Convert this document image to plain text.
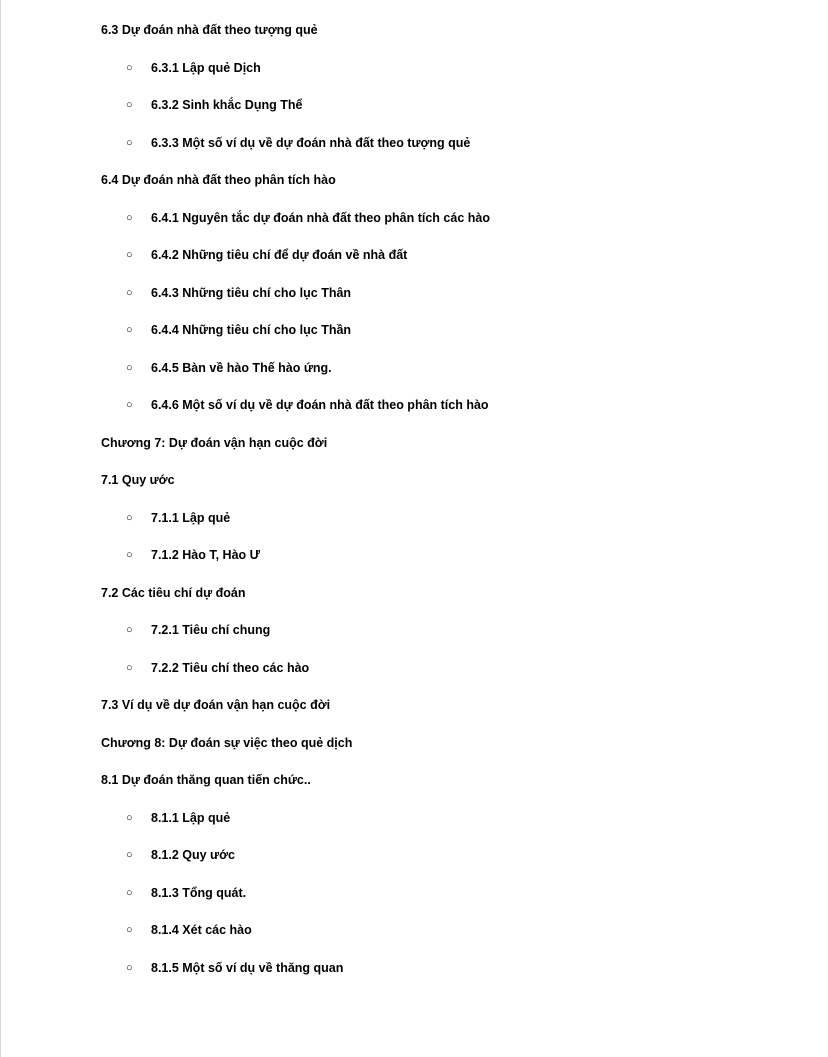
6.3 Dự đoán nhà đất theo tượng quẻ
○ 6.3.1 Lập quẻ Dịch
○ 6.3.2 Sinh khắc Dụng Thể
○ 6.3.3 Một số ví dụ về dự đoán nhà đất theo tượng quẻ
6.4 Dự đoán nhà đất theo phân tích hào
○ 6.4.1 Nguyên tắc dự đoán nhà đất theo phân tích các hào
○ 6.4.2 Những tiêu chí để dự đoán về nhà đất
○ 6.4.3 Những tiêu chí cho lục Thân
○ 6.4.4 Những tiêu chí cho lục Thần
○ 6.4.5 Bàn về hào Thế hào ứng.
○ 6.4.6 Một số ví dụ về dự đoán nhà đất theo phân tích hào
Chương 7: Dự đoán vận hạn cuộc đời
7.1 Quy ước
○ 7.1.1 Lập quẻ
○ 7.1.2 Hào T, Hào Ư
7.2 Các tiêu chí dự đoán
○ 7.2.1 Tiêu chí chung
○ 7.2.2 Tiêu chí theo các hào
7.3 Ví dụ về dự đoán vận hạn cuộc đời
Chương 8: Dự đoán sự việc theo quẻ dịch
8.1 Dự đoán thăng quan tiến chức..
○ 8.1.1 Lập quẻ
○ 8.1.2 Quy ước
○ 8.1.3 Tổng quát.
○ 8.1.4 Xét các hào
○ 8.1.5 Một số ví dụ về thăng quan
